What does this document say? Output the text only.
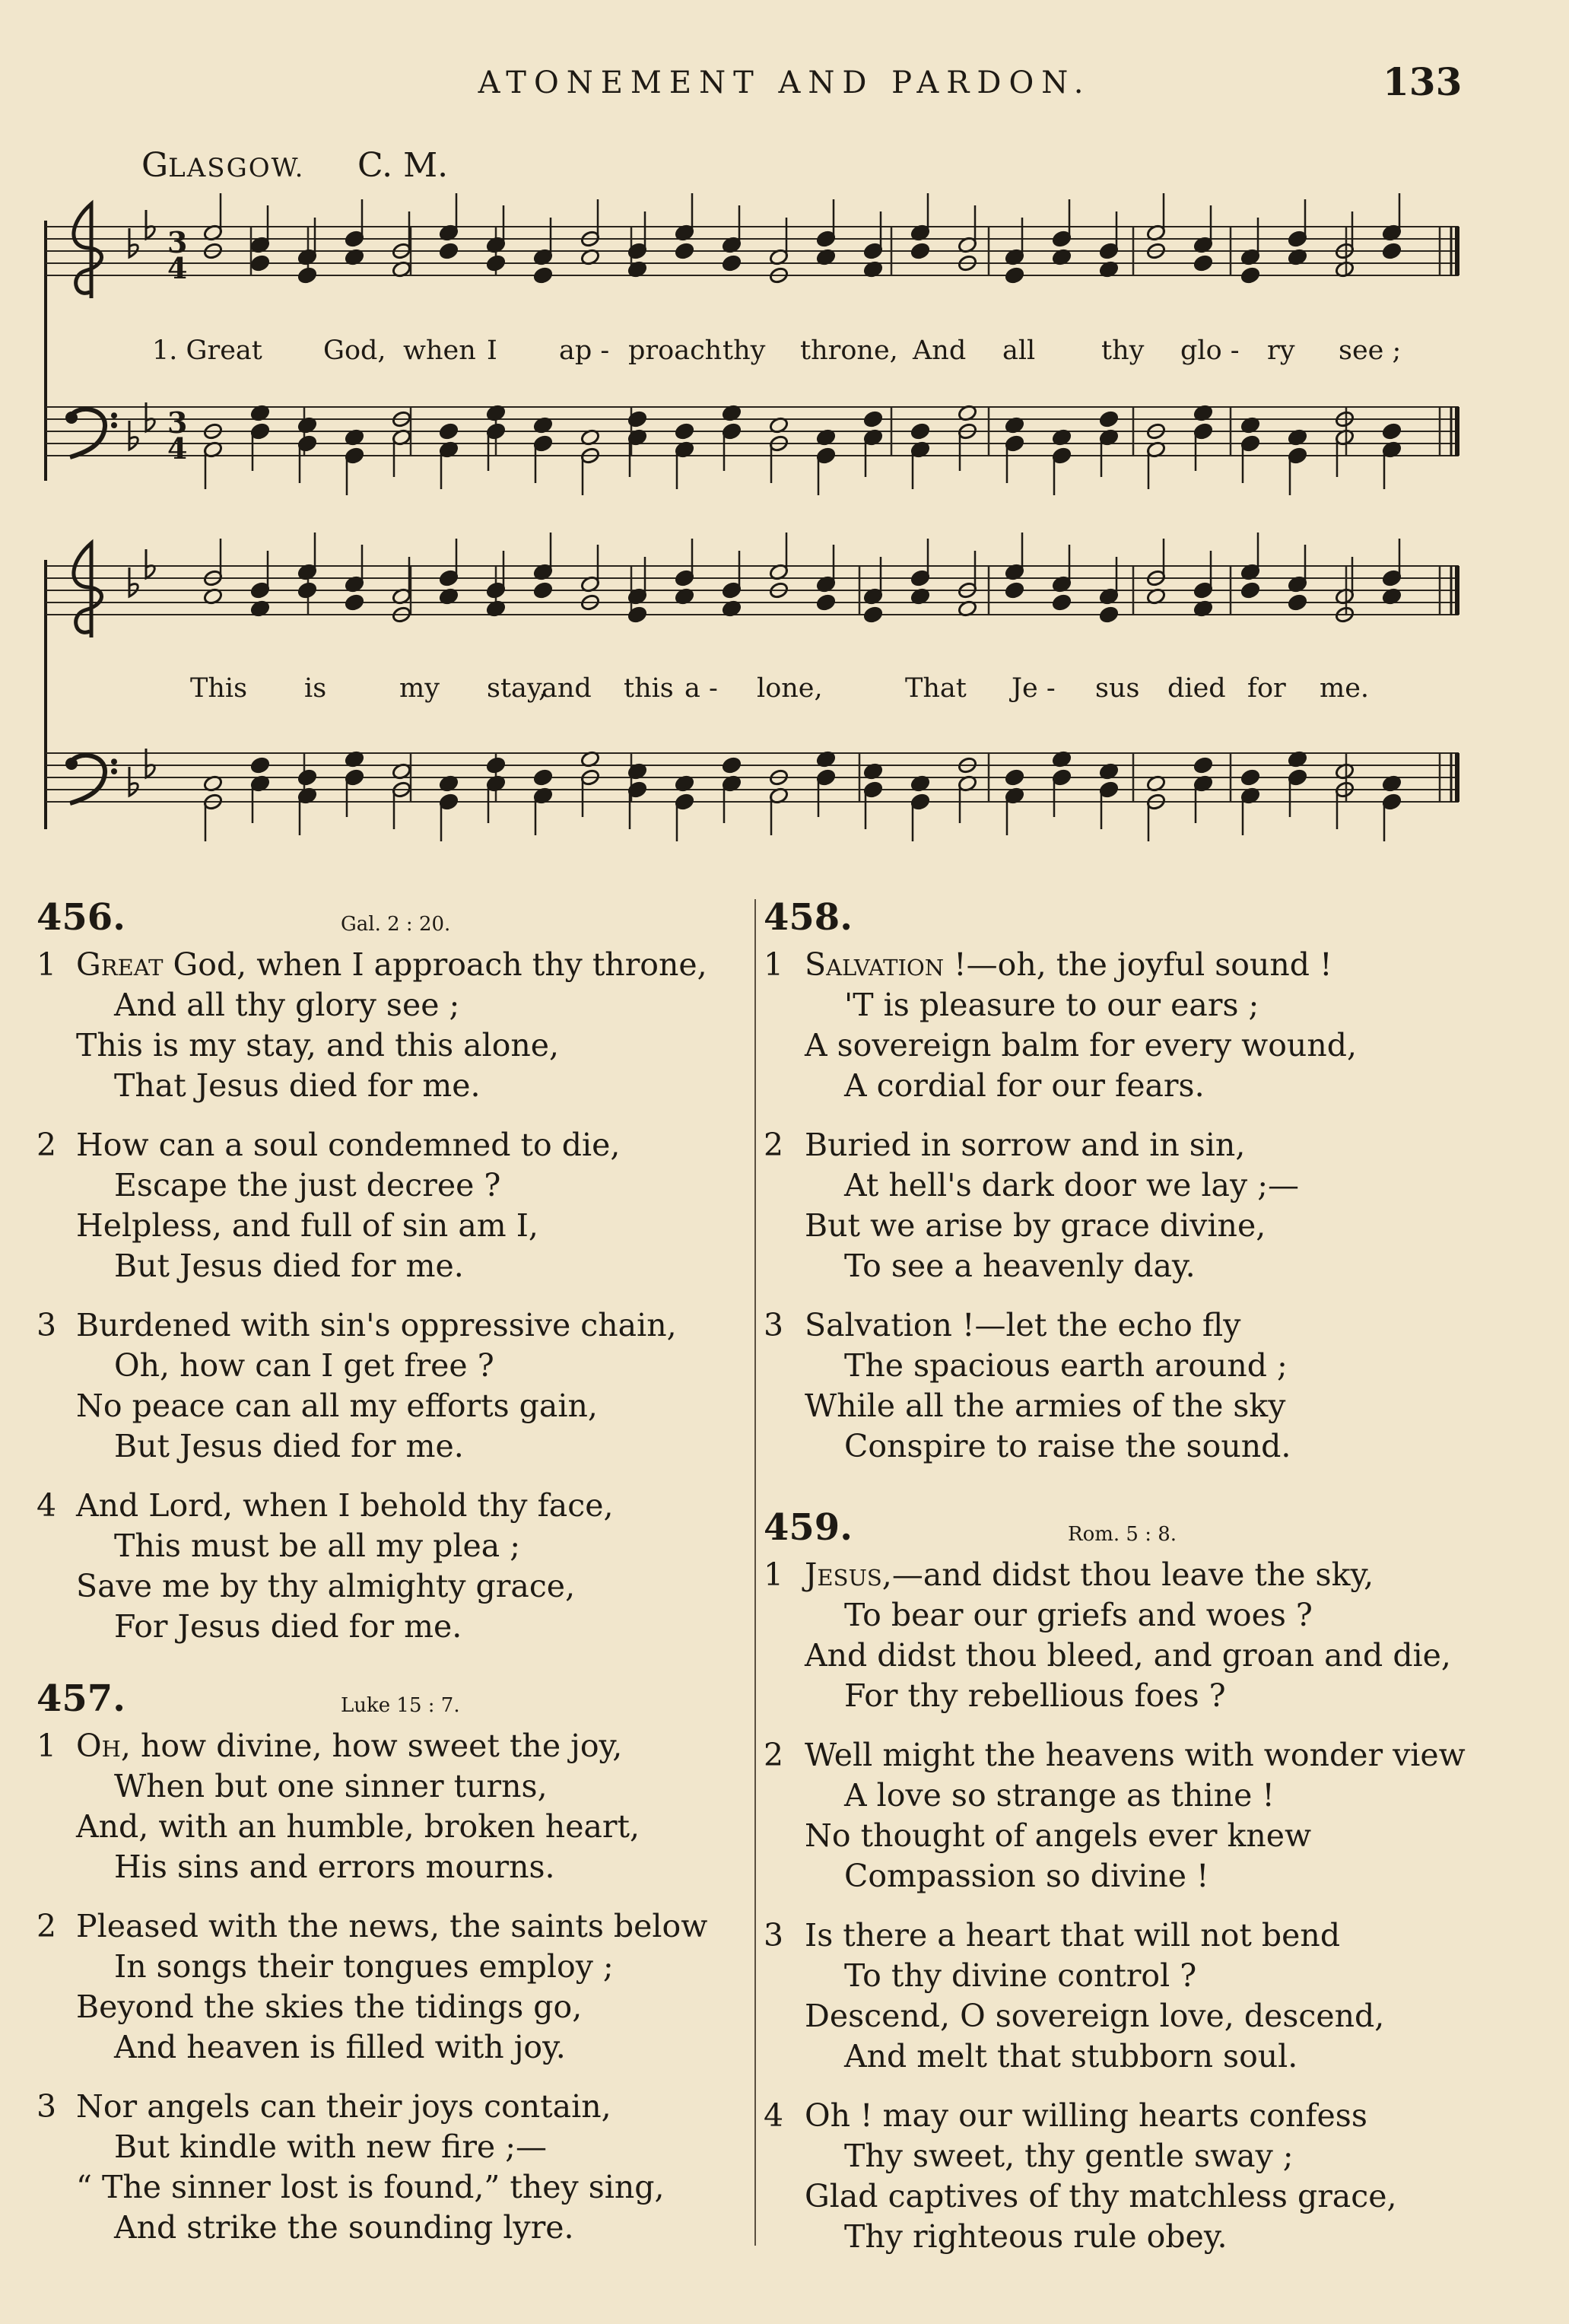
ATONEMENT AND PARDON.	133
GLASGOW. C. M.
3
4
3
4
1. Great God, when I ap - proach thy throne, And all thy glo - ry see ;
This is	my stay,
and this a - lone,	That Je - sus died for me.
456.	Gal. 2 : 20.
1 Great God, when I approach thy throne,
And all thy glory see ;
This is my stay, and this alone,
That Jesus died for me.
2 How can a soul condemned to die,
Escape the just decree ?
Helpless, and full of sin am I,
But Jesus died for me.
3 Burdened with sin's oppressive chain,
Oh, how can I get free ?
No peace can all my efforts gain,
But Jesus died for me.
4 And Lord, when I behold thy face,
This must be all my plea ;
Save me by thy almighty grace,
For Jesus died for me.
457.	Luke 15 : 7.
1 Oh, how divine, how sweet the joy,
When but one sinner turns,
And, with an humble, broken heart,
His sins and errors mourns.
2 Pleased with the news, the saints below
In songs their tongues employ ;
Beyond the skies the tidings go,
And heaven is filled with joy.
3 Nor angels can their joys contain,
But kindle with new fire ;—
“ The sinner lost is found,” they sing,
And strike the sounding lyre.
458.
1 Salvation !—oh, the joyful sound !
'T is pleasure to our ears ;
A sovereign balm for every wound,
A cordial for our fears.
2 Buried in sorrow and in sin,
At hell's dark door we lay ;—
But we arise by grace divine,
To see a heavenly day.
3 Salvation !—let the echo fly
The spacious earth around ;
While all the armies of the sky
Conspire to raise the sound.
459.	Rom. 5 : 8.
1 Jesus,—and didst thou leave the sky,
To bear our griefs and woes ?
And didst thou bleed, and groan and die,
For thy rebellious foes ?
2 Well might the heavens with wonder view
A love so strange as thine !
No thought of angels ever knew
Compassion so divine !
3 Is there a heart that will not bend
To thy divine control ?
Descend, O sovereign love, descend,
And melt that stubborn soul.
4 Oh ! may our willing hearts confess
Thy sweet, thy gentle sway ;
Glad captives of thy matchless grace,
Thy righteous rule obey.
